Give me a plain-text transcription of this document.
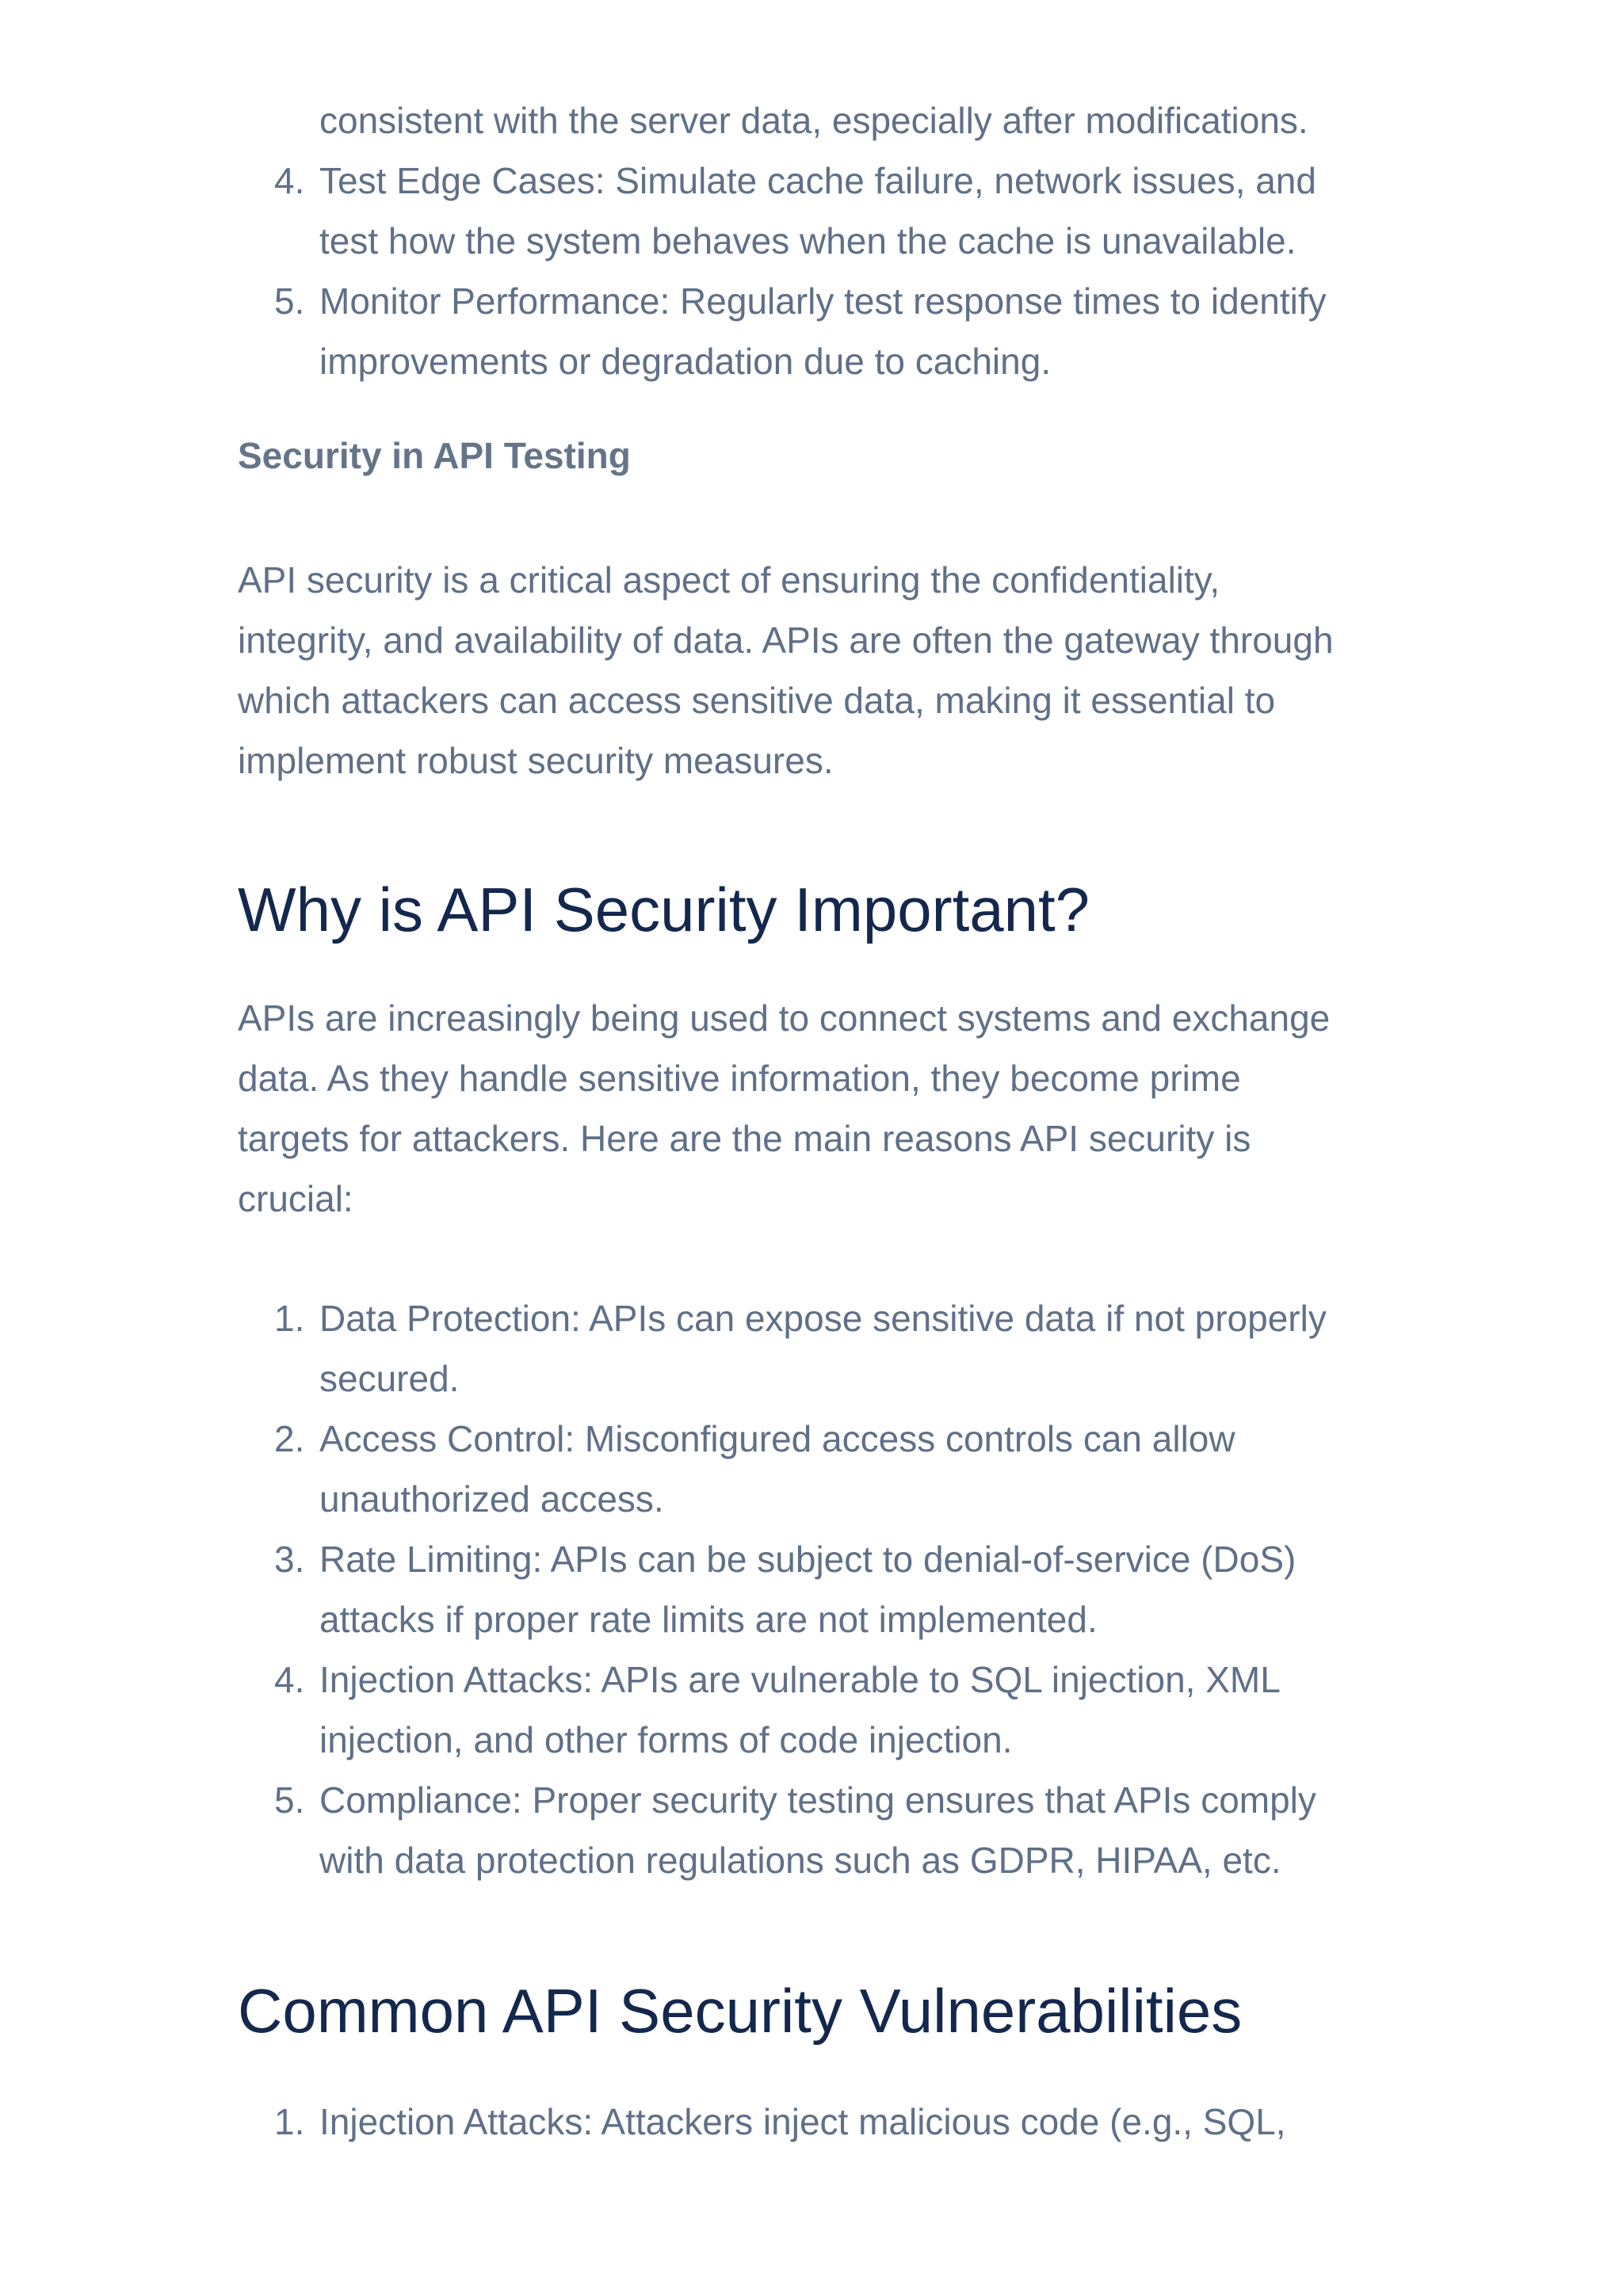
consistent with the server data, especially after modifications.
4. Test Edge Cases: Simulate cache failure, network issues, and
test how the system behaves when the cache is unavailable.
5. Monitor Performance: Regularly test response times to identify
improvements or degradation due to caching.
Security in API Testing
API security is a critical aspect of ensuring the confidentiality,
integrity, and availability of data. APIs are often the gateway through
which attackers can access sensitive data, making it essential to
implement robust security measures.
Why is API Security Important?
APIs are increasingly being used to connect systems and exchange
data. As they handle sensitive information, they become prime
targets for attackers. Here are the main reasons API security is
crucial:
1. Data Protection: APIs can expose sensitive data if not properly
secured.
2. Access Control: Misconfigured access controls can allow
unauthorized access.
3. Rate Limiting: APIs can be subject to denial-of-service (DoS)
attacks if proper rate limits are not implemented.
4. Injection Attacks: APIs are vulnerable to SQL injection, XML
injection, and other forms of code injection.
5. Compliance: Proper security testing ensures that APIs comply
with data protection regulations such as GDPR, HIPAA, etc.
Common API Security Vulnerabilities
1. Injection Attacks: Attackers inject malicious code (e.g., SQL,
